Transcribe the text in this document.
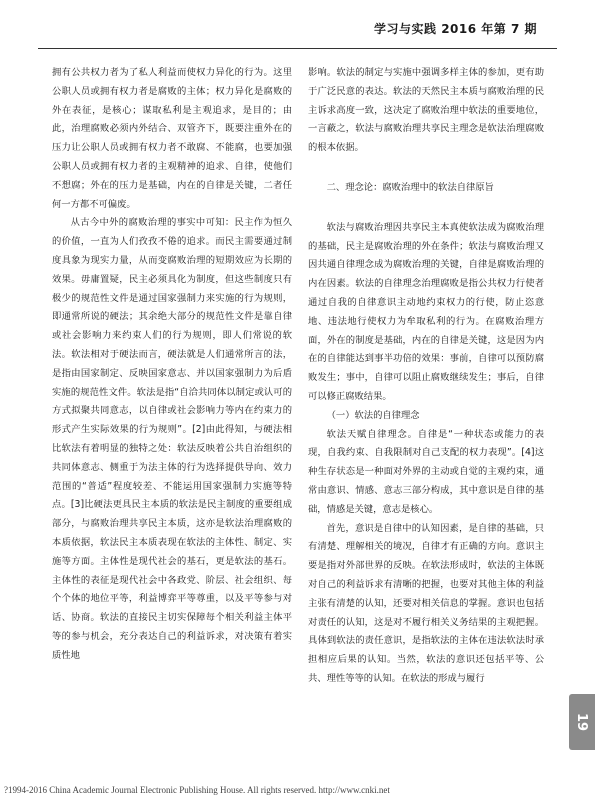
学习与实践 2016 年第 7 期

拥有公共权力者为了私人利益而使权力异化的行为。这里公职人员或拥有权力者是腐败的主体；权力异化是腐败的外在表征，是核心；谋取私利是主观追求，是目的；由此，治理腐败必须内外结合、双管齐下，既要注重外在的压力让公职人员或拥有权力者不敢腐、不能腐，也要加强公职人员或拥有权力者的主观精神的追求、自律，使他们不想腐；外在的压力是基础，内在的自律是关键，二者任何一方都不可偏废。

从古今中外的腐败治理的事实中可知：民主作为恒久的价值，一直为人们孜孜不倦的追求。而民主需要通过制度具象为现实力量，从而变腐败治理的短期效应为长期的效果。毋庸置疑，民主必须具化为制度，但这些制度只有极少的规范性文件是通过国家强制力来实施的行为规则，即通常所说的硬法；其余绝大部分的规范性文件是靠自律或社会影响力来约束人们的行为规则，即人们常说的软法。软法相对于硬法而言，硬法就是人们通常所言的法，是指由国家制定、反映国家意志、并以国家强制力为后盾实施的规范性文件。软法是指“自洽共同体以制定或认可的方式拟聚共同意志，以自律或社会影响力等内在约束力的形式产生实际效果的行为规则”。[2]由此得知，与硬法相比软法有着明显的独特之处：软法反映着公共自治组织的共同体意志、侧重于为法主体的行为选择提供导向、效力范围的“普适”程度较差、不能运用国家强制力实施等特点。[3]比硬法更具民主本质的软法是民主制度的重要组成部分，与腐败治理共享民主本质，这亦是软法治理腐败的本质依据，软法民主本质表现在软法的主体性、制定、实施等方面。主体性是现代社会的基石，更是软法的基石。主体性的表征是现代社会中各政党、阶层、社会组织、每个个体的地位平等，利益博弈平等尊重，以及平等参与对话、协商。软法的直接民主切实保障每个相关利益主体平等的参与机会，充分表达自己的利益诉求，对决策有着实质性地

影响。软法的制定与实施中强调多样主体的参加，更有助于广泛民意的表达。软法的天然民主本质与腐败治理的民主诉求高度一致，这决定了腐败治理中软法的重要地位，一言蔽之，软法与腐败治理共享民主理念是软法治理腐败的根本依据。

二、理念论：腐败治理中的软法自律原旨

软法与腐败治理因共享民主本真使软法成为腐败治理的基础，民主是腐败治理的外在条件；软法与腐败治理又因共通自律理念成为腐败治理的关键，自律是腐败治理的内在因素。软法的自律理念治理腐败是指公共权力行使者通过自我的自律意识主动地约束权力的行使，防止恣意地、违法地行使权力为牟取私利的行为。在腐败治理方面，外在的制度是基础，内在的自律是关键，这是因为内在的自律能达到事半功倍的效果：事前，自律可以预防腐败发生；事中，自律可以阻止腐败继续发生；事后，自律可以修正腐败结果。

（一）软法的自律理念

软法天赋自律理念。自律是“一种状态或能力的表现，自我约束、自我限制对自己支配的权力表现”。[4]这种生存状态是一种面对外界的主动或自觉的主观约束，通常由意识、情感、意志三部分构成，其中意识是自律的基础，情感是关键，意志是核心。

首先，意识是自律中的认知因素，是自律的基础，只有清楚、理解相关的境况，自律才有正确的方向。意识主要是指对外部世界的反映。在软法形成时，软法的主体既对自己的利益诉求有清晰的把握，也要对其他主体的利益主张有清楚的认知，还要对相关信息的掌握。意识也包括对责任的认知，这是对不履行相关义务结果的主观把握。具体到软法的责任意识，是指软法的主体在违法软法时承担相应后果的认知。当然，软法的意识还包括平等、公共、理性等等的认知。在软法的形成与履行

19
?1994-2016 China Academic Journal Electronic Publishing House. All rights reserved. http://www.cnki.net
